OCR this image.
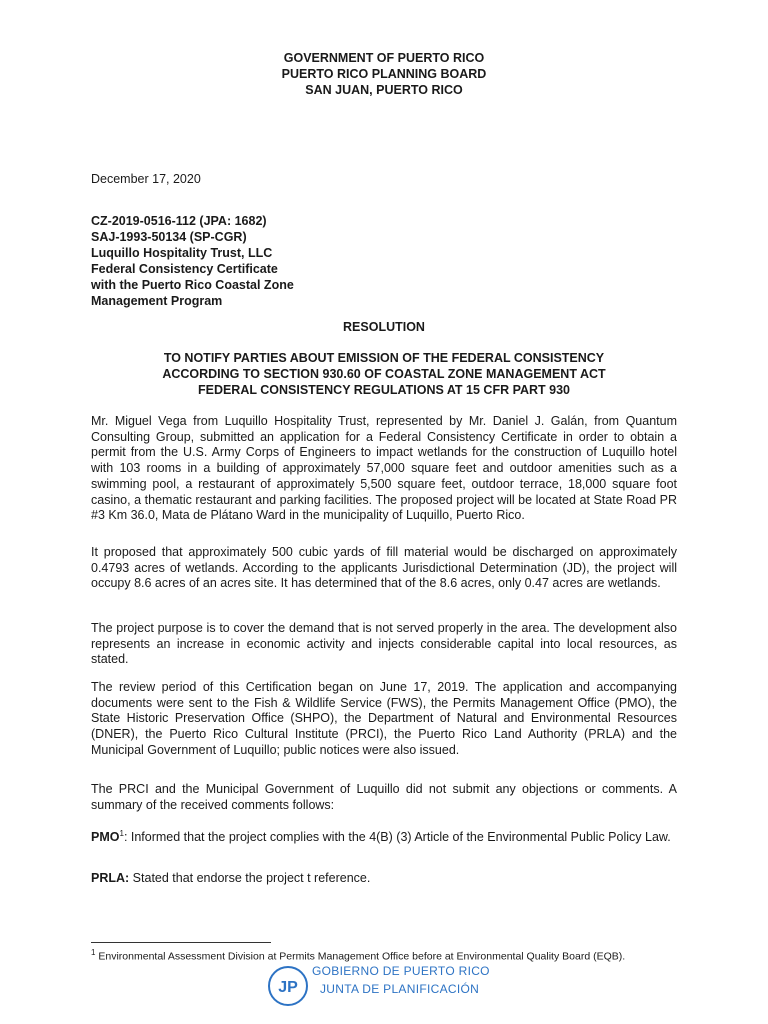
GOVERNMENT OF PUERTO RICO
PUERTO RICO PLANNING BOARD
SAN JUAN, PUERTO RICO
December 17, 2020
CZ-2019-0516-112 (JPA: 1682)
SAJ-1993-50134 (SP-CGR)
Luquillo Hospitality Trust, LLC
Federal Consistency Certificate
with the Puerto Rico Coastal Zone
Management Program
RESOLUTION
TO NOTIFY PARTIES ABOUT EMISSION OF THE FEDERAL CONSISTENCY
ACCORDING TO SECTION 930.60 OF COASTAL ZONE MANAGEMENT ACT
FEDERAL CONSISTENCY REGULATIONS AT 15 CFR PART 930

Mr. Miguel Vega from Luquillo Hospitality Trust, represented by Mr. Daniel J. Galán, from Quantum Consulting Group, submitted an application for a Federal Consistency Certificate in order to obtain a permit from the U.S. Army Corps of Engineers to impact wetlands for the construction of Luquillo hotel with 103 rooms in a building of approximately 57,000 square feet and outdoor amenities such as a swimming pool, a restaurant of approximately 5,500 square feet, outdoor terrace, 18,000 square foot casino, a thematic restaurant and parking facilities. The proposed project will be located at State Road PR #3 Km 36.0, Mata de Plátano Ward in the municipality of Luquillo, Puerto Rico.

It proposed that approximately 500 cubic yards of fill material would be discharged on approximately 0.4793 acres of wetlands. According to the applicants Jurisdictional Determination (JD), the project will occupy 8.6 acres of an acres site. It has determined that of the 8.6 acres, only 0.47 acres are wetlands.

The project purpose is to cover the demand that is not served properly in the area. The development also represents an increase in economic activity and injects considerable capital into local resources, as stated.

The review period of this Certification began on June 17, 2019. The application and accompanying documents were sent to the Fish & Wildlife Service (FWS), the Permits Management Office (PMO), the State Historic Preservation Office (SHPO), the Department of Natural and Environmental Resources (DNER), the Puerto Rico Cultural Institute (PRCI), the Puerto Rico Land Authority (PRLA) and the Municipal Government of Luquillo; public notices were also issued.

The PRCI and the Municipal Government of Luquillo did not submit any objections or comments. A summary of the received comments follows:

PMO$^1$: Informed that the project complies with the 4(B) (3) Article of the Environmental Public Policy Law.

PRLA: Stated that endorse the project t reference.

$^1$ Environmental Assessment Division at Permits Management Office before at Environmental Quality Board (EQB).
JP
GOBIERNO DE PUERTO RICO
JUNTA DE PLANIFICACIÓN
